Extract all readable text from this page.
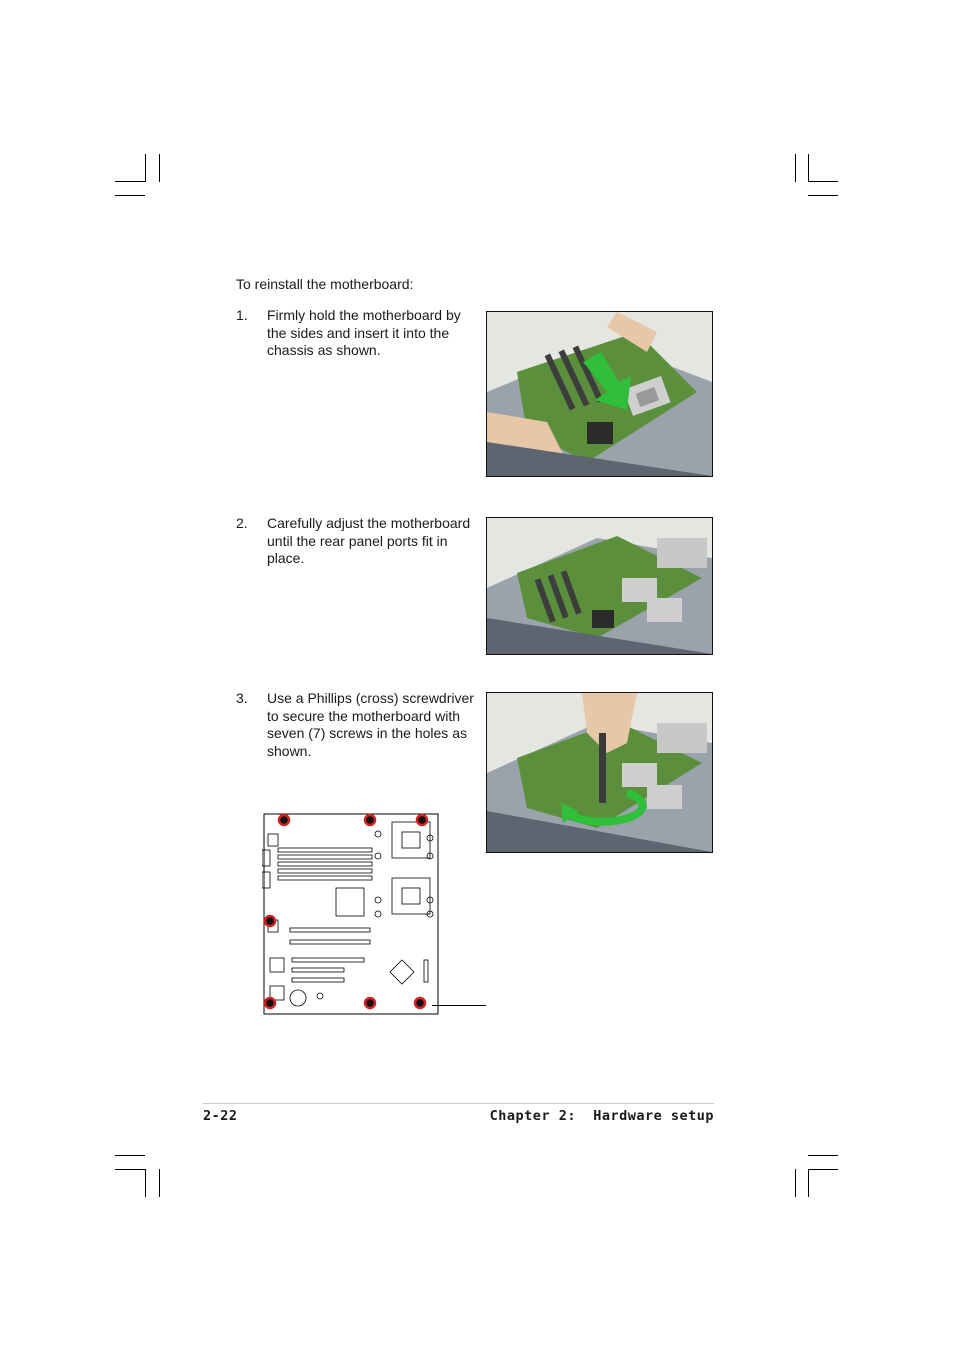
To reinstall the motherboard:
1. Firmly hold the motherboard by the sides and insert it into the chassis as shown.
2. Carefully adjust the motherboard until the rear panel ports fit in place.
3. Use a Phillips (cross) screwdriver to secure the motherboard with seven (7) screws in the holes as shown.
2-22	Chapter 2:  Hardware setup
